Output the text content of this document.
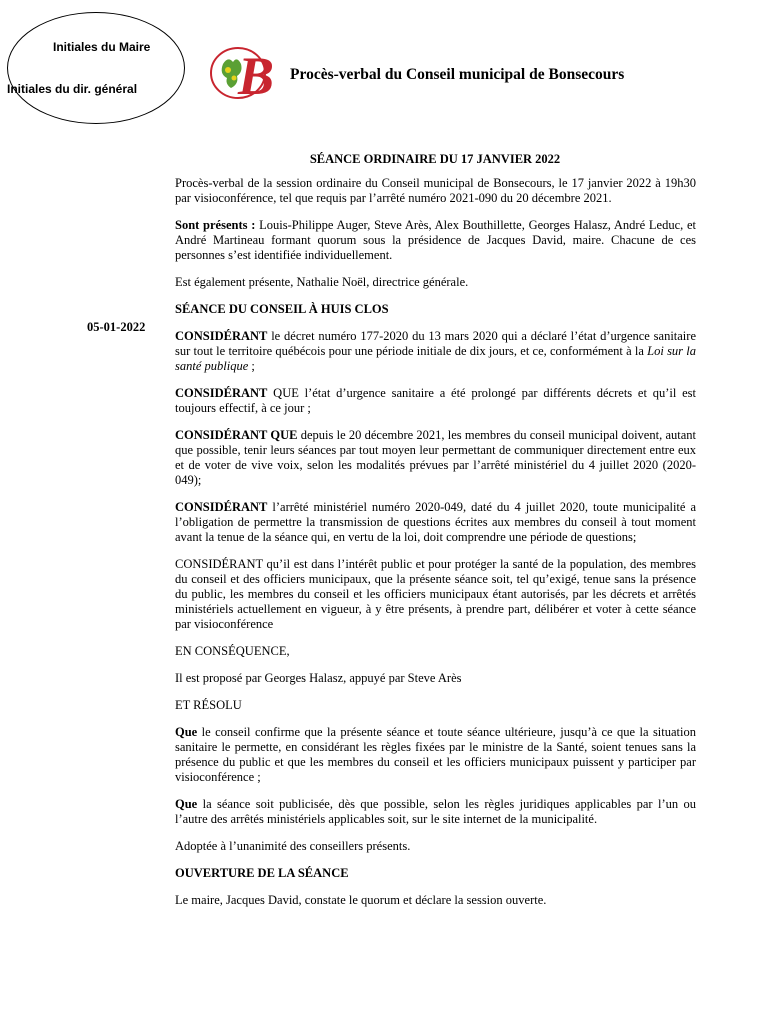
Initiales du Maire
Initiales du dir. général B Procès-verbal du Conseil municipal de Bonsecours
SÉANCE ORDINAIRE DU 17 JANVIER 2022
05-01-2022

Procès-verbal de la session ordinaire du Conseil municipal de Bonsecours, le 17 janvier 2022 à 19h30 par visioconférence, tel que requis par l’arrêté numéro 2021-090 du 20 décembre 2021.

Sont présents : Louis-Philippe Auger, Steve Arès, Alex Bouthillette, Georges Halasz, André Leduc, et André Martineau formant quorum sous la présidence de Jacques David, maire. Chacune de ces personnes s’est identifiée individuellement.

Est également présente, Nathalie Noël, directrice générale.

SÉANCE DU CONSEIL À HUIS CLOS

CONSIDÉRANT le décret numéro 177-2020 du 13 mars 2020 qui a déclaré l’état d’urgence sanitaire sur tout le territoire québécois pour une période initiale de dix jours, et ce, conformément à la Loi sur la santé publique ;

CONSIDÉRANT QUE l’état d’urgence sanitaire a été prolongé par différents décrets et qu’il est toujours effectif, à ce jour ;

CONSIDÉRANT QUE depuis le 20 décembre 2021, les membres du conseil municipal doivent, autant que possible, tenir leurs séances par tout moyen leur permettant de communiquer directement entre eux et de voter de vive voix, selon les modalités prévues par l’arrêté ministériel du 4 juillet 2020 (2020-049);

CONSIDÉRANT l’arrêté ministériel numéro 2020-049, daté du 4 juillet 2020, toute municipalité a l’obligation de permettre la transmission de questions écrites aux membres du conseil à tout moment avant la tenue de la séance qui, en vertu de la loi, doit comprendre une période de questions;

CONSIDÉRANT qu’il est dans l’intérêt public et pour protéger la santé de la population, des membres du conseil et des officiers municipaux, que la présente séance soit, tel qu’exigé, tenue sans la présence du public, les membres du conseil et les officiers municipaux étant autorisés, par les décrets et arrêtés ministériels actuellement en vigueur, à y être présents, à prendre part, délibérer et voter à cette séance par visioconférence

EN CONSÉQUENCE,

Il est proposé par Georges Halasz, appuyé par Steve Arès

ET RÉSOLU

Que le conseil confirme que la présente séance et toute séance ultérieure, jusqu’à ce que la situation sanitaire le permette, en considérant les règles fixées par le ministre de la Santé, soient tenues sans la présence du public et que les membres du conseil et les officiers municipaux puissent y participer par visioconférence ;

Que la séance soit publicisée, dès que possible, selon les règles juridiques applicables par l’un ou l’autre des arrêtés ministériels applicables soit, sur le site internet de la municipalité.

Adoptée à l’unanimité des conseillers présents.

OUVERTURE DE LA SÉANCE

Le maire, Jacques David, constate le quorum et déclare la session ouverte.
